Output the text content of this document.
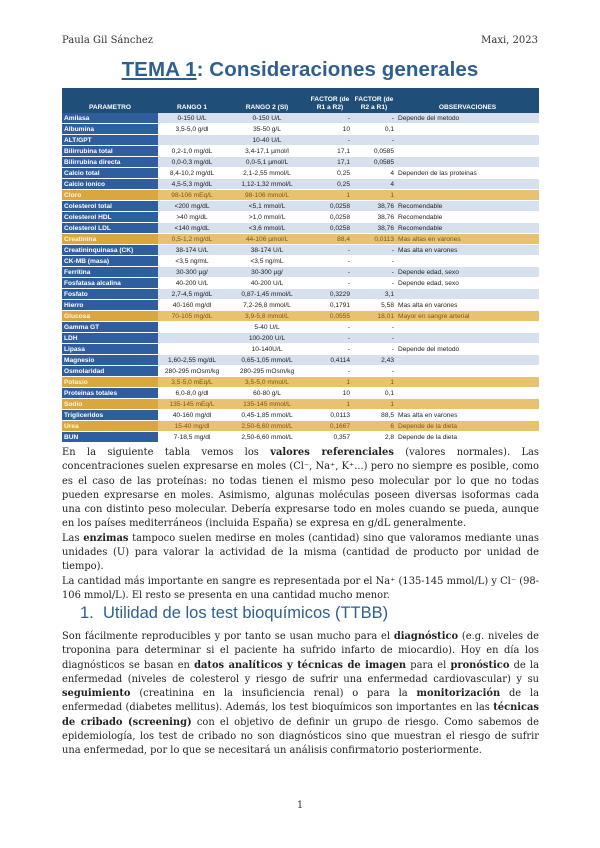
Paula Gil Sánchez	Maxi, 2023
TEMA 1: Consideraciones generales
PARAMETRO	RANGO 1	RANGO 2 (SI)	FACTOR (de R1 a R2)	FACTOR (de R2 a R1)	OBSERVACIONES
Amilasa	0-150 U/L	0-150 U/L	-	-	Depende del metodo
Albumina	3,5-5,0 g/dl	35-50 g/L	10	0,1	
ALT/GPT		10-40 U/L	-	-	
Bilirrubina total	0,2-1,0 mg/dL	3,4-17,1 µmol/l	17,1	0,0585	
Bilirrubina directa	0,0-0,3 mg/dL	0,0-5,1 µmol/L	17,1	0,0585	
Calcio total	8,4-10,2 mg/dL	2,1-2,55 mmol/L	0,25	4	Dependen de las proteinas
Calcio ionico	4,5-5,3 mg/dL	1,12-1,32 mmol/L	0,25	4	
Cloro	98-106 mEq/L	98-106 mmol/L	1	1	
Colesterol total	<200 mg/dL	<5,1 mmol/L	0,0258	38,76	Recomendable
Colesterol HDL	>40 mg/dL	>1,0 mmol/L	0,0258	38,76	Recomendable
Colesterol LDL	<140 mg/dL	<3,6 mmol/L	0,0258	38,76	Recomendable
Creatinina	0,5-1,2 mg/dL	44-106 µmol/L	88,4	0,0113	Mas altas en varones
Creatininquinasa (CK)	38-174 U/L	38-174 U/L	-	-	Mas alta en varones
CK-MB (masa)	<3,5 ng/mL	<3,5 ng/mL	-	-	
Ferritina	30-300 µg/	30-300 µg/	-	-	Depende edad, sexo
Fosfatasa alcalina	40-200 U/L	40-200 U/L	-	-	Depende edad, sexo
Fosfato	2,7-4,5 mg/dL	0,87-1,45 mmol/L	0,3229	3,1	
Hierro	40-160 mg/dl	7,2-26,8 mmol/L	0,1791	5,58	Mas alta en varones
Glucosa	70-105 mg/dL	3,9-5,8 mmol/L	0,0555	18,01	Mayor en sangre arterial
Gamma GT		5-40 U/L	-	-	
LDH		100-200 U/L	-	-	
Lipasa		10-140U/L	-	-	Depende del metodo
Magnesio	1,60-2,55 mg/dL	0,65-1,05 mmol/L	0,4114	2,43	
Osmolaridad	280-295 mOsm/kg	280-295 mOsm/kg	-	-	
Potasio	3,5-5,0 mEq/L	3,5-5,0 mmol/L	1	1	
Proteinas totales	6,0-8,0 g/dl	60-80 g/L	10	0,1	
Sodio	135-145 mEq/L	135-145 mmol/L	1	1	
Trigliceridos	40-160 mg/dl	0,45-1,85 mmol/L	0,0113	88,5	Mas alta en varones
Urea	15-40 mg/dl	2,50-6,60 mmol/L	0,1667	6	Depende de la dieta
BUN	7-18,5 mg/dl	2,50-6,60 mmol/L	0,357	2,8	Depende de la dieta

En la siguiente tabla vemos los valores referenciales (valores normales). Las concentraciones suelen expresarse en moles (Cl⁻, Na⁺, K⁺...) pero no siempre es posible, como es el caso de las proteínas: no todas tienen el mismo peso molecular por lo que no todas pueden expresarse en moles. Asimismo, algunas moléculas poseen diversas isoformas cada una con distinto peso molecular. Debería expresarse todo en moles cuando se pueda, aunque en los países mediterráneos (incluida España) se expresa en g/dL generalmente.

Las enzimas tampoco suelen medirse en moles (cantidad) sino que valoramos mediante unas unidades (U) para valorar la actividad de la misma (cantidad de producto por unidad de tiempo).

La cantidad más importante en sangre es representada por el Na⁺ (135-145 mmol/L) y Cl⁻ (98-106 mmol/L). El resto se presenta en una cantidad mucho menor.

1. Utilidad de los test bioquímicos (TTBB)

Son fácilmente reproducibles y por tanto se usan mucho para el diagnóstico (e.g. niveles de troponina para determinar si el paciente ha sufrido infarto de miocardio). Hoy en día los diagnósticos se basan en datos analíticos y técnicas de imagen para el pronóstico de la enfermedad (niveles de colesterol y riesgo de sufrir una enfermedad cardiovascular) y su seguimiento (creatinina en la insuficiencia renal) o para la monitorización de la enfermedad (diabetes mellitus). Además, los test bioquímicos son importantes en las técnicas de cribado (screening) con el objetivo de definir un grupo de riesgo. Como sabemos de epidemiología, los test de cribado no son diagnósticos sino que muestran el riesgo de sufrir una enfermedad, por lo que se necesitará un análisis confirmatorio posteriormente.

1
